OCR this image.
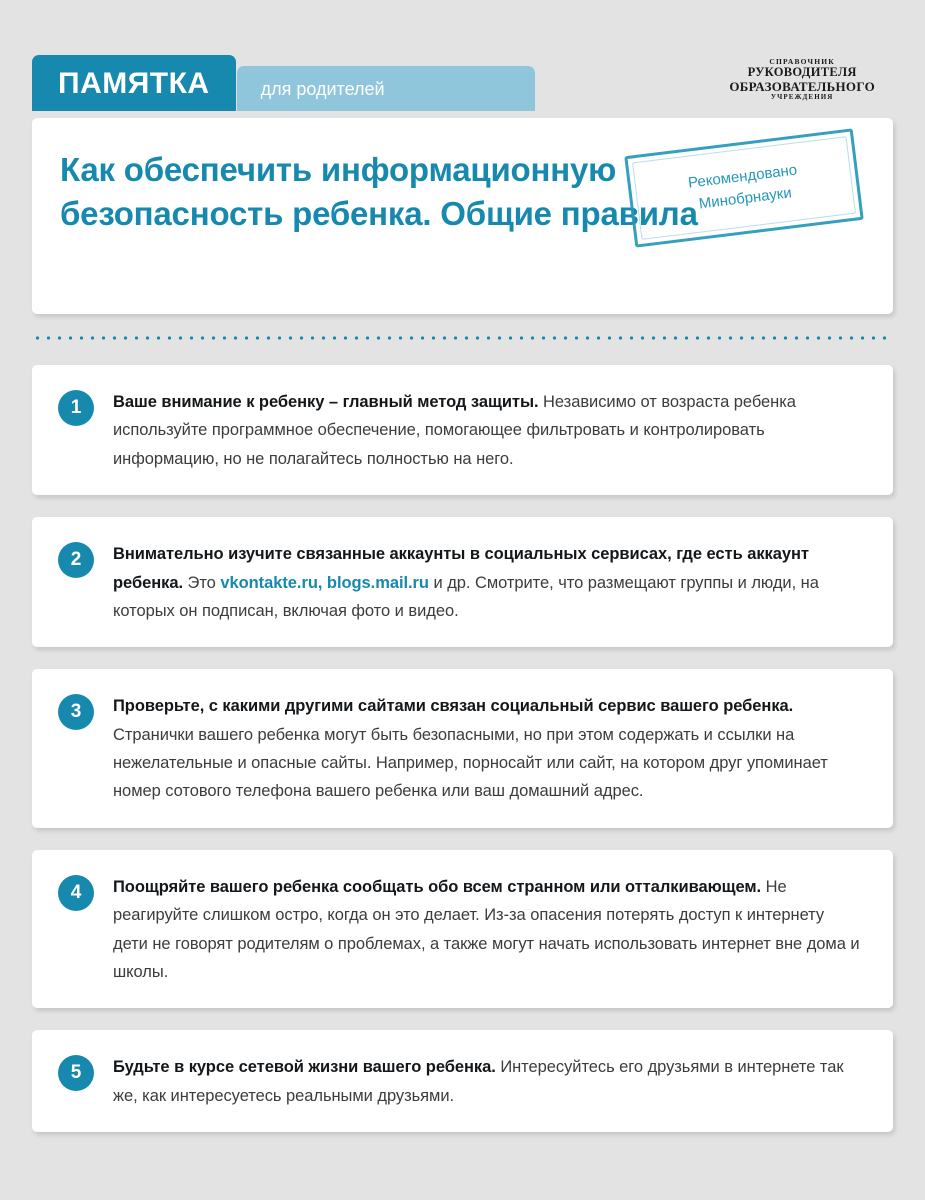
ПАМЯТКА	для родителей
СПРАВОЧНИК
РУКОВОДИТЕЛЯ
ОБРАЗОВАТЕЛЬНОГО
УЧРЕЖДЕНИЯ
Как обеспечить информационную безопасность ребенка. Общие правила
Рекомендовано
Минобрнауки
1	Ваше внимание к ребенку – главный метод защиты. Независимо от возраста ребенка используйте программное обеспечение, помогающее фильтровать и контролировать информацию, но не полагайтесь полностью на него.
2	Внимательно изучите связанные аккаунты в социальных сервисах, где есть аккаунт ребенка. Это vkontakte.ru, blogs.mail.ru и др. Смотрите, что размещают группы и люди, на которых он подписан, включая фото и видео.
3	Проверьте, с какими другими сайтами связан социальный сервис вашего ребенка. Странички вашего ребенка могут быть безопасными, но при этом содержать и ссылки на нежелательные и опасные сайты. Например, порносайт или сайт, на котором друг упоминает номер сотового телефона вашего ребенка или ваш домашний адрес.
4	Поощряйте вашего ребенка сообщать обо всем странном или отталкивающем. Не реагируйте слишком остро, когда он это делает. Из-за опасения потерять доступ к интернету дети не говорят родителям о проблемах, а также могут начать использовать интернет вне дома и школы.
5	Будьте в курсе сетевой жизни вашего ребенка. Интересуйтесь его друзьями в интернете так же, как интересуетесь реальными друзьями.
